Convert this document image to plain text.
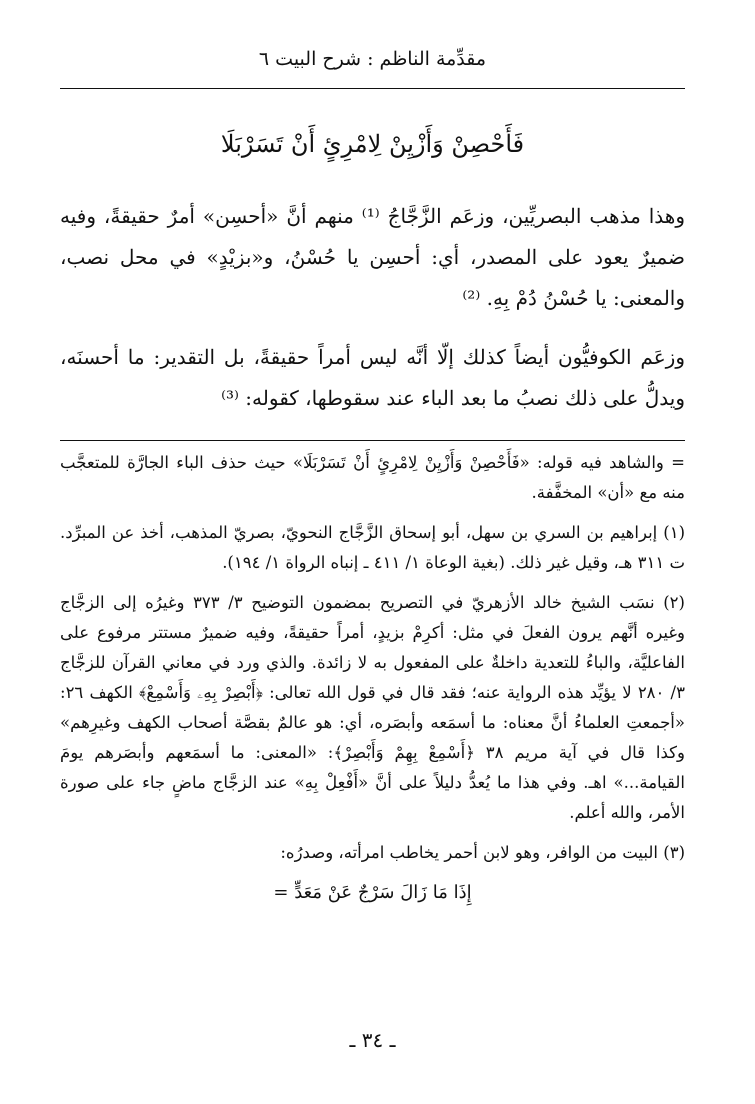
مقدِّمة الناظم : شرح البيت ٦
فَأَحْصِنْ وَأَزْيِنْ لِامْرِئٍ أَنْ تَسَرْبَلَا

وهذا مذهب البصريِّين، وزعَم الزَّجَّاجُ ⁽¹⁾ منهم أنَّ «أحسِن» أمرٌ حقيقةً، وفيه ضميرٌ يعود على المصدر، أي: أحسِن يا حُسْنُ، و«بزيْدٍ» في محل نصب، والمعنى: يا حُسْنُ دُمْ بِهِ. ⁽²⁾

وزعَم الكوفيُّون أيضاً كذلك إلّا أنَّه ليس أمراً حقيقةً، بل التقدير: ما أحسنَه، ويدلُّ على ذلك نصبُ ما بعد الباء عند سقوطها، كقوله: ⁽³⁾

= والشاهد فيه قوله: «فَأَحْصِنْ وَأَزْيِنْ لِامْرِئٍ أَنْ تَسَرْبَلَا» حيث حذف الباء الجارَّة للمتعجَّب منه مع «أن» المخفَّفة.

(١) إبراهيم بن السري بن سهل، أبو إسحاق الزَّجَّاج النحويّ، بصريّ المذهب، أخذ عن المبرِّد. ت ٣١١ هـ، وقيل غير ذلك. (بغية الوعاة ١/ ٤١١ ـ إنباه الرواة ١/ ١٩٤).

(٢) نسَب الشيخ خالد الأزهريّ في التصريح بمضمون التوضيح ٣/ ٣٧٣ وغيرُه إلى الزجَّاج وغيره أنَّهم يرون الفعلَ في مثل: أكرِمْ بزيدٍ، أمراً حقيقةً، وفيه ضميرٌ مستتر مرفوع على الفاعليَّة، والباءُ للتعدية داخلةٌ على المفعول به لا زائدة. والذي ورد في معاني القرآن للزجَّاج ٣/ ٢٨٠ لا يؤيِّد هذه الرواية عنه؛ فقد قال في قول الله تعالى: ﴿أَبْصِرْ بِهِۦ وَأَسْمِعْ﴾ الكهف ٢٦: «أجمعتِ العلماءُ أنَّ معناه: ما أسمَعه وأبصَره، أي: هو عالمٌ بقصَّة أصحاب الكهف وغيرِهم» وكذا قال في آية مريم ٣٨ ﴿أَسْمِعْ بِهِمْ وَأَبْصِرْ﴾: «المعنى: ما أسمَعهم وأبصَرهم يومَ القيامة...» اهـ. وفي هذا ما يُعدُّ دليلاً على أنَّ «أَفْعِلْ بِهِ» عند الزجَّاج ماضٍ جاء على صورة الأمر، والله أعلم.

(٣) البيت من الوافر، وهو لابن أحمر يخاطب امرأته، وصدرُه:

إِذَا مَا زَالَ سَرْجٌ عَنْ مَعَدٍّ =

ـ ٣٤ ـ
